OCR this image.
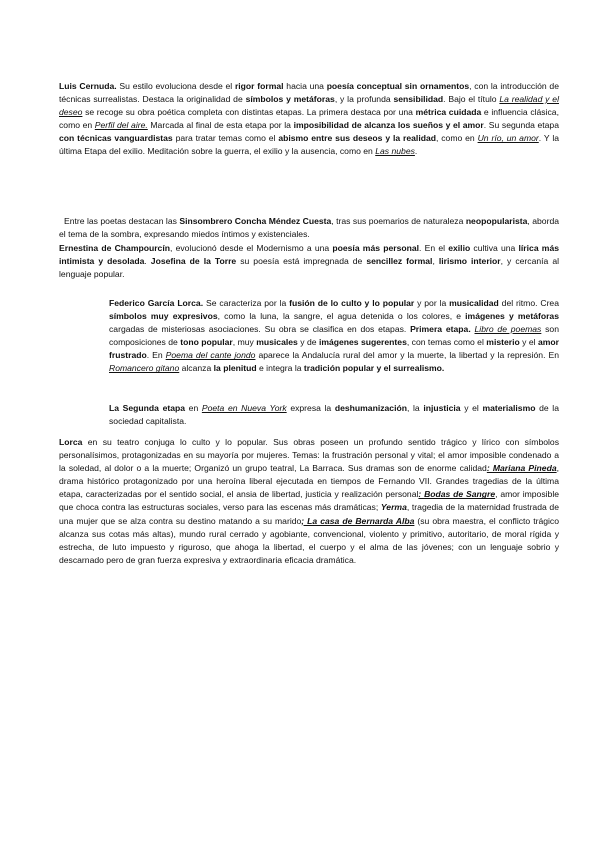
Luis Cernuda. Su estilo evoluciona desde el rigor formal hacia una poesía conceptual sin ornamentos, con la introducción de técnicas surrealistas. Destaca la originalidad de símbolos y metáforas, y la profunda sensibilidad. Bajo el título La realidad y el deseo se recoge su obra poética completa con distintas etapas. La primera destaca por una métrica cuidada e influencia clásica, como en Perfil del aire. Marcada al final de esta etapa por la imposibilidad de alcanza los sueños y el amor. Su segunda etapa con técnicas vanguardistas para tratar temas como el abismo entre sus deseos y la realidad, como en Un río, un amor. Y la última Etapa del exilio. Meditación sobre la guerra, el exilio y la ausencia, como en Las nubes.

Entre las poetas destacan las Sinsombrero Concha Méndez Cuesta, tras sus poemarios de naturaleza neopopularista, aborda el tema de la sombra, expresando miedos íntimos y existenciales.

Ernestina de Champourcín, evolucionó desde el Modernismo a una poesía más personal. En el exilio cultiva una lírica más intimista y desolada. Josefina de la Torre su poesía está impregnada de sencillez formal, lirismo interior, y cercanía al lenguaje popular.

Federico García Lorca. Se caracteriza por la fusión de lo culto y lo popular y por la musicalidad del ritmo. Crea símbolos muy expresivos, como la luna, la sangre, el agua detenida o los colores, e imágenes y metáforas cargadas de misteriosas asociaciones. Su obra se clasifica en dos etapas. Primera etapa. Libro de poemas son composiciones de tono popular, muy musicales y de imágenes sugerentes, con temas como el misterio y el amor frustrado. En Poema del cante jondo aparece la Andalucía rural del amor y la muerte, la libertad y la represión. En Romancero gitano alcanza la plenitud e integra la tradición popular y el surrealismo.

La Segunda etapa en Poeta en Nueva York expresa la deshumanización, la injusticia y el materialismo de la sociedad capitalista.

Lorca en su teatro conjuga lo culto y lo popular. Sus obras poseen un profundo sentido trágico y lírico con símbolos personalísimos, protagonizadas en su mayoría por mujeres. Temas: la frustración personal y vital; el amor imposible condenado a la soledad, al dolor o a la muerte; Organizó un grupo teatral, La Barraca. Sus dramas son de enorme calidad: Mariana Pineda, drama histórico protagonizado por una heroína liberal ejecutada en tiempos de Fernando VII. Grandes tragedias de la última etapa, caracterizadas por el sentido social, el ansia de libertad, justicia y realización personal: Bodas de Sangre, amor imposible que choca contra las estructuras sociales, verso para las escenas más dramáticas; Yerma, tragedia de la maternidad frustrada de una mujer que se alza contra su destino matando a su marido; La casa de Bernarda Alba (su obra maestra, el conflicto trágico alcanza sus cotas más altas), mundo rural cerrado y agobiante, convencional, violento y primitivo, autoritario, de moral rígida y estrecha, de luto impuesto y riguroso, que ahoga la libertad, el cuerpo y el alma de las jóvenes; con un lenguaje sobrio y descarnado pero de gran fuerza expresiva y extraordinaria eficacia dramática.
